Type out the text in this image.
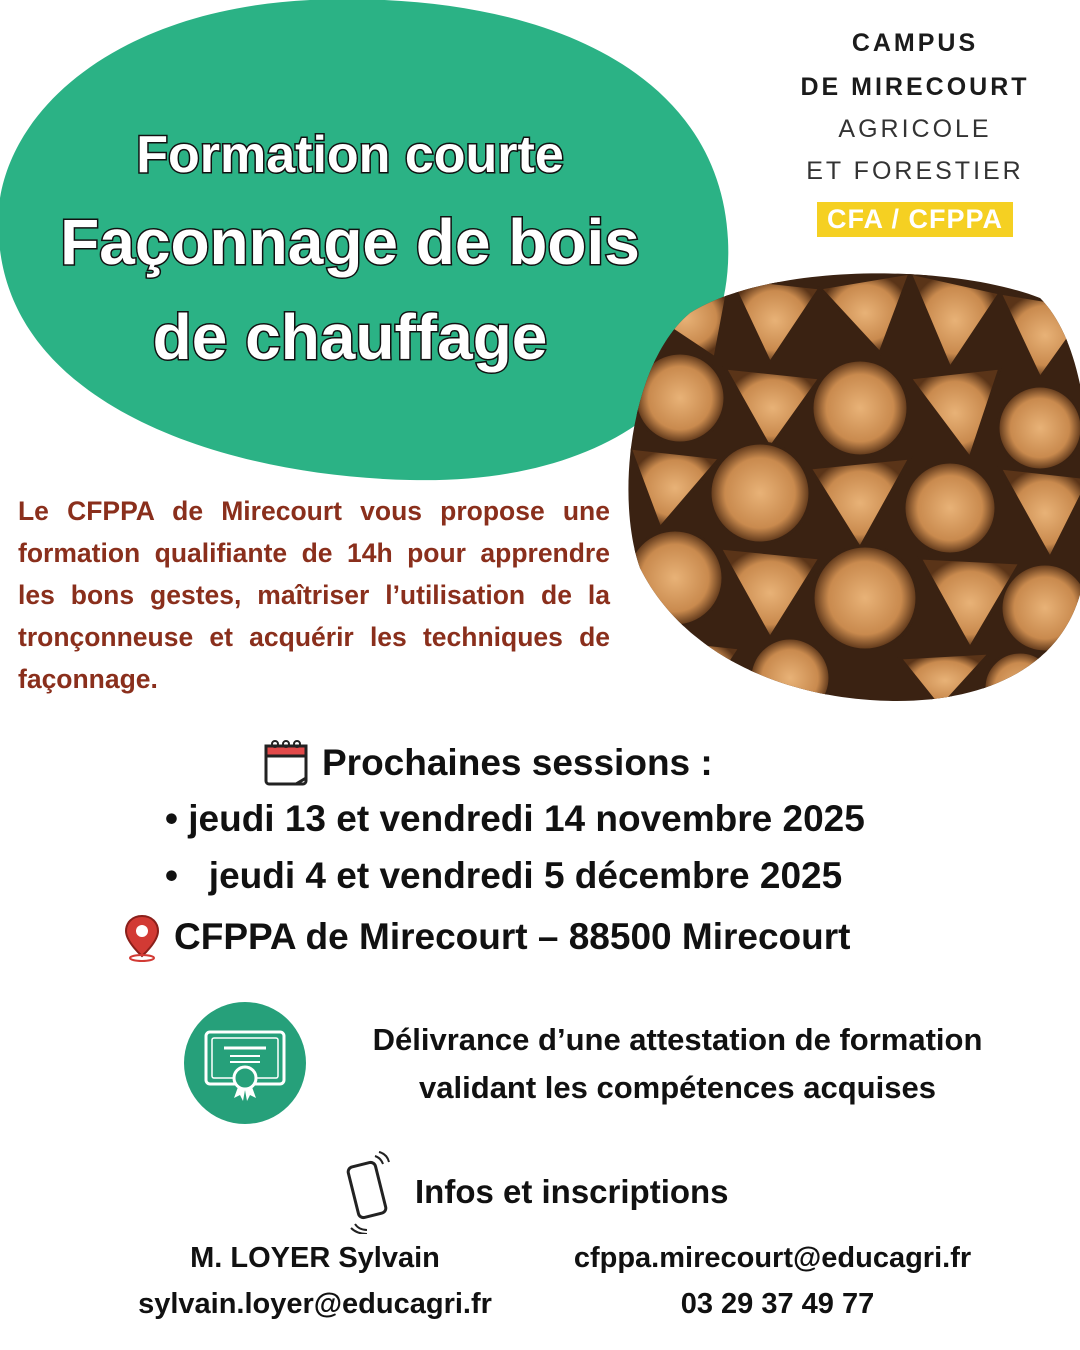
Formation courte
Façonnage de bois
de chauffage
CAMPUS
DE MIRECOURT
AGRICOLE
ET FORESTIER
CFA / CFPPA

Le CFPPA de Mirecourt vous propose une formation qualifiante de 14h pour apprendre les bons gestes, maîtriser l’utilisation de la tronçonneuse et acquérir les techniques de façonnage.

Prochaines sessions :
• jeudi 13 et vendredi 14 novembre 2025
•   jeudi 4 et vendredi 5 décembre 2025
CFPPA de Mirecourt – 88500 Mirecourt
Délivrance d’une attestation de formation
validant les compétences acquises
Infos et inscriptions
M. LOYER Sylvain
sylvain.loyer@educagri.fr
cfppa.mirecourt@educagri.fr
03 29 37 49 77
